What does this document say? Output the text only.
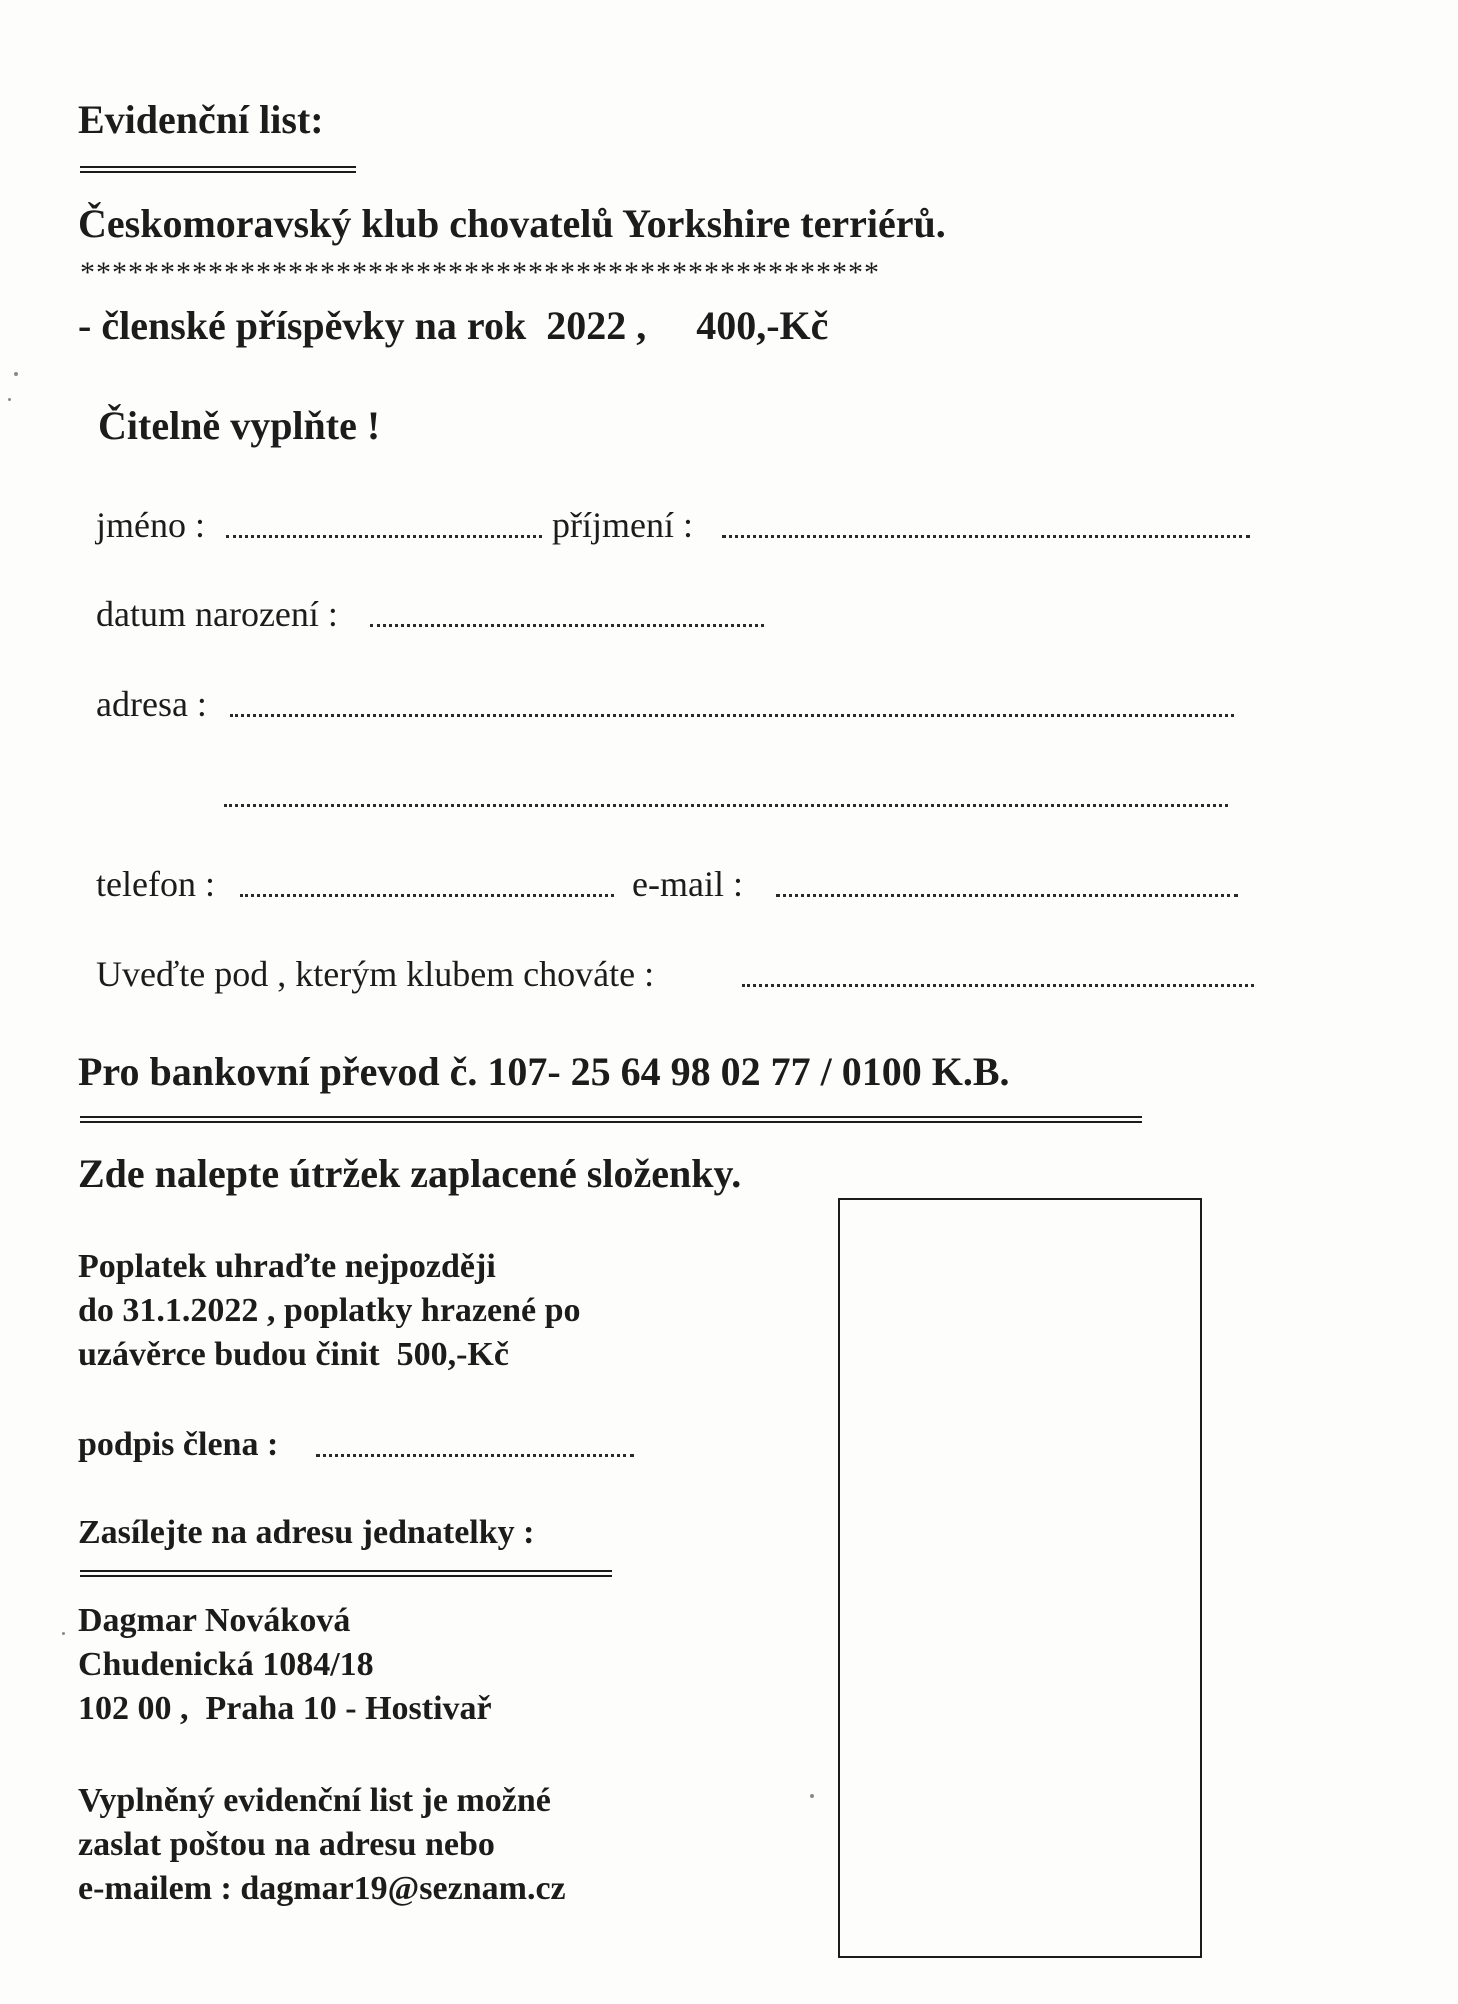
Evidenční list:
Českomoravský klub chovatelů Yorkshire terriérů.
**************************************************
- členské příspěvky na rok  2022 ,     400,-Kč
Čitelně vyplňte !
jméno :	příjmení :
datum narození :
adresa :
telefon :	e-mail :
Uveďte pod , kterým klubem chováte :
Pro bankovní převod č. 107- 25 64 98 02 77 / 0100 K.B.
Zde nalepte útržek zaplacené složenky.
Poplatek uhraďte nejpozději
do 31.1.2022 , poplatky hrazené po
uzávěrce budou činit  500,-Kč
podpis člena :
Zasílejte na adresu jednatelky :
Dagmar Nováková
Chudenická 1084/18
102 00 ,  Praha 10 - Hostivař
Vyplněný evidenční list je možné
zaslat poštou na adresu nebo
e-mailem : dagmar19@seznam.cz
